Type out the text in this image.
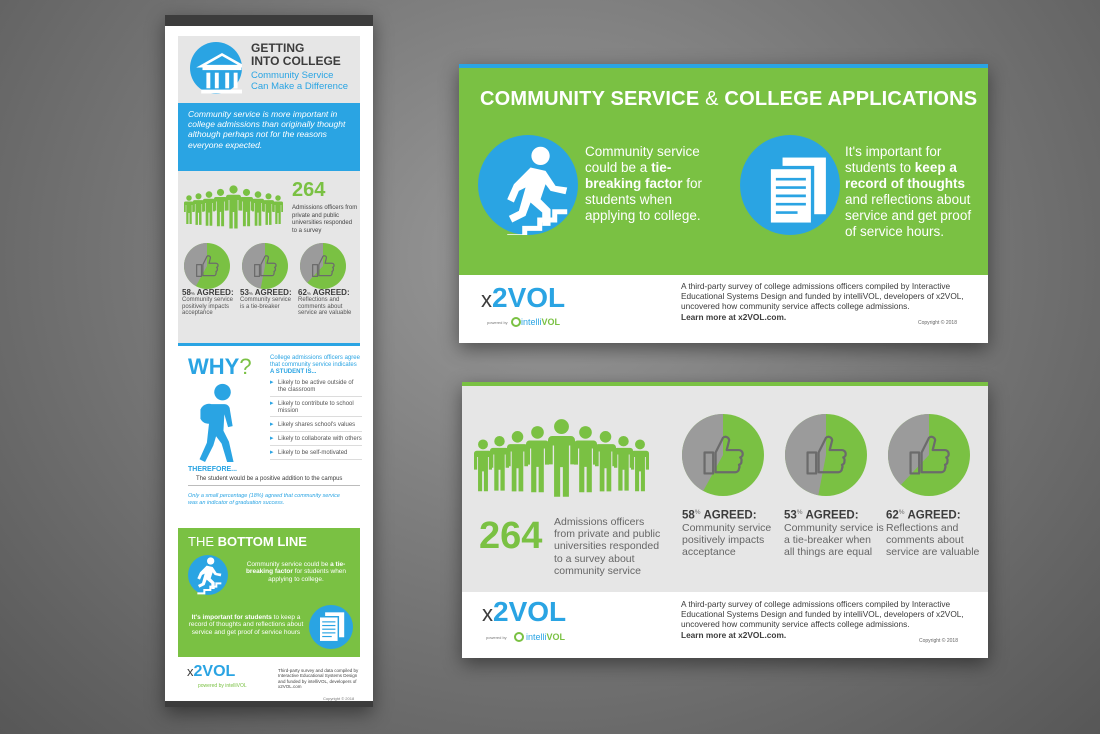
GETTING
INTO COLLEGE
Community Service
Can Make a Difference
Community service is more important in college admissions than originally thought although perhaps not for the reasons everyone expected.
264
Admissions officers from private and public universities responded to a survey
58% AGREED:
Community service positively impacts acceptance
53% AGREED:
Community service is a tie-breaker
62% AGREED:
Reflections and comments about service are valuable
WHY?	College admissions officers agree that community service indicates A STUDENT IS...
▸ Likely to be active outside of the classroom
▸ Likely to contribute to school mission
▸ Likely shares school's values
▸ Likely to collaborate with others
▸ Likely to be self-motivated
THEREFORE...
The student would be a positive addition to the campus
Only a small percentage (18%) agreed that community service was an indicator of graduation success.
THE BOTTOM LINE
Community service could be a tie-breaking factor for students when applying to college.
It's important for students to keep a record of thoughts and reflections about service and get proof of service hours
x2VOL
powered by intelliVOL
Third-party survey and data compiled by Interactive Educational Systems Design and funded by intelliVOL, developers of x2VOL.com
Copyright © 2018
COMMUNITY SERVICE & COLLEGE APPLICATIONS
Community service could be a tie-breaking factor for students when applying to college.
It's important for students to keep a record of thoughts and reflections about service and get proof of service hours.
x2VOL
powered by intelliVOL
A third-party survey of college admissions officers compiled by Interactive Educational Systems Design and funded by intelliVOL, developers of x2VOL, uncovered how community service affects college admissions.
Learn more at x2VOL.com.
Copyright © 2018
264 Admissions officers from private and public universities responded to a survey about community service
58% AGREED:
Community service positively impacts acceptance
53% AGREED:
Community service is a tie-breaker when all things are equal
62% AGREED:
Reflections and comments about service are valuable
x2VOL
powered by intelliVOL
A third-party survey of college admissions officers compiled by Interactive Educational Systems Design and funded by intelliVOL, developers of x2VOL, uncovered how community service affects college admissions.
Learn more at x2VOL.com.
Copyright © 2018
